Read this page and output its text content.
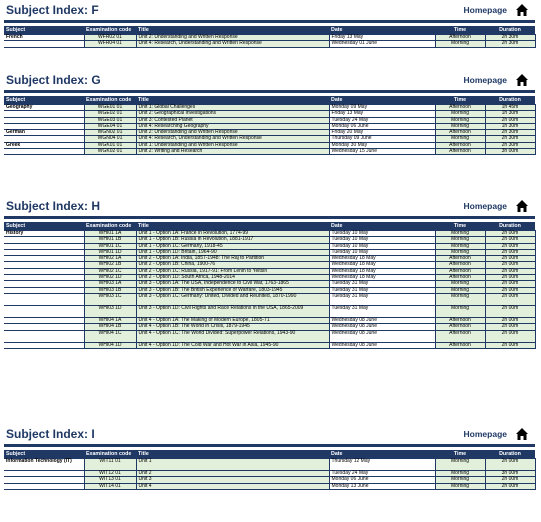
Subject Index: F	Homepage
Subject	Examination code	Title	Date	Time	Duration
French	WFR02 01	Unit 2: Understanding and Written Response	Friday 13 May	Afternoon	2h 30m
	WFR04 01	Unit 4: Research, Understanding and Written Response	Wednesday 01 June	Morning	2h 30m
Subject Index: G	Homepage
Subject	Examination code	Title	Date	Time	Duration
Geography	WGE01 01	Unit 1: Global Challenges	Monday 09 May	Afternoon	1h 45m
	WGE02 01	Unit 2: Geographical Investigations	Friday 13 May	Morning	1h 30m
	WGE03 01	Unit 3: Contested Planet	Tuesday 24 May	Morning	2h 00m
	WGE04 01	Unit 4: Researching Geography	Monday 06 June	Morning	1h 30m
German	WGN02 01	Unit 2: Understanding and Written Response	Friday 20 May	Afternoon	2h 30m
	WGN04 01	Unit 4: Research, Understanding and Written Response	Thursday 09 June	Morning	2h 30m
Greek	WGK01 01	Unit 1: Understanding and Written Response	Monday 30 May	Afternoon	2h 30m
	WGK02 01	Unit 2: Writing and Research	Wednesday 15 June	Afternoon	3h 00m
Subject Index: H	Homepage
Subject	Examination code	Title	Date	Time	Duration
History	WHI01 1A	Unit 1 - Option 1A: France in Revolution, 1774-99	Tuesday 10 May	Morning	2h 00m
	WHI01 1B	Unit 1 - Option 1B: Russia in Revolution, 1881-1917	Tuesday 10 May	Morning	2h 00m
	WHI01 1C	Unit 1 - Option 1C: Germany, 1918-45	Tuesday 10 May	Morning	2h 00m
	WHI01 1D	Unit 1 - Option 1D: Britain, 1964-90	Tuesday 10 May	Morning	2h 00m
	WHI02 1A	Unit 2 - Option 1A: India, 1857-1948: The Raj to Partition	Wednesday 18 May	Afternoon	2h 00m
	WHI02 1B	Unit 2 - Option 1B: China, 1900-76	Wednesday 18 May	Afternoon	2h 00m
	WHI02 1C	Unit 2 - Option 1C: Russia, 1917-91: From Lenin to Yeltsin	Wednesday 18 May	Afternoon	2h 00m
	WHI02 1D	Unit 2 - Option 1D: South Africa, 1948-2014	Wednesday 18 May	Afternoon	2h 00m
	WHI03 1A	Unit 3 - Option 1A: The USA, Independence to Civil War, 1763-1865	Tuesday 31 May	Morning	2h 00m
	WHI03 1B	Unit 3 - Option 1B: The British Experience of Warfare, 1803-1945	Tuesday 31 May	Morning	2h 00m
	WHI03 1C	Unit 3 - Option 1C: Germany: United, Divided and Reunited, 1870-1990	Tuesday 31 May	Morning	2h 00m
	WHI03 1D	Unit 3 - Option 1D: Civil Rights and Race Relations in the USA, 1865-2009	Tuesday 31 May	Morning	2h 00m
	WHI04 1A	Unit 4 - Option 1A: The Making of Modern Europe, 1805-71	Wednesday 08 June	Afternoon	2h 00m
	WHI04 1B	Unit 4 - Option 1B: The World in Crisis, 1879-1945	Wednesday 08 June	Afternoon	2h 00m
	WHI04 1C	Unit 4 - Option 1C: The World Divided: Superpower Relations, 1943-90	Wednesday 08 June	Afternoon	2h 00m
	WHI04 1D	Unit 4 - Option 1D: The Cold War and Hot War in Asia, 1945-90	Wednesday 08 June	Afternoon	2h 00m
Subject Index: I	Homepage
Subject	Examination code	Title	Date	Time	Duration
Information Technology (IT)	WIT11 01	Unit 1	Thursday 12 May	Morning	2h 00m
	WIT12 01	Unit 2	Tuesday 24 May	Morning	3h 00m
	WIT13 01	Unit 3	Monday 06 June	Morning	2h 00m
	WIT14 01	Unit 4	Monday 13 June	Morning	2h 00m
